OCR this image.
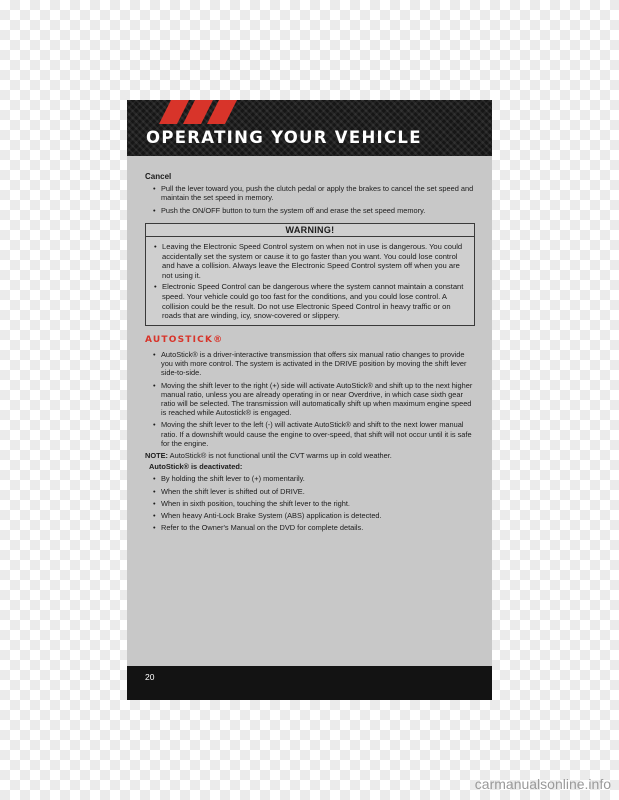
OPERATING YOUR VEHICLE
Cancel
• Pull the lever toward you, push the clutch pedal or apply the brakes to cancel the set speed and maintain the set speed in memory.
• Push the ON/OFF button to turn the system off and erase the set speed memory.
WARNING!
• Leaving the Electronic Speed Control system on when not in use is dangerous. You could accidentally set the system or cause it to go faster than you want. You could lose control and have a collision. Always leave the Electronic Speed Control system off when you are not using it.
• Electronic Speed Control can be dangerous where the system cannot maintain a constant speed. Your vehicle could go too fast for the conditions, and you could lose control. A collision could be the result. Do not use Electronic Speed Control in heavy traffic or on roads that are winding, icy, snow-covered or slippery.
AUTOSTICK®
• AutoStick® is a driver-interactive transmission that offers six manual ratio changes to provide you with more control. The system is activated in the DRIVE position by moving the shift lever side-to-side.
• Moving the shift lever to the right (+) side will activate AutoStick® and shift up to the next higher manual ratio, unless you are already operating in or near Overdrive, in which case sixth gear ratio will be selected. The transmission will automatically shift up when maximum engine speed is reached while Autostick® is engaged.
• Moving the shift lever to the left (-) will activate AutoStick® and shift to the next lower manual ratio. If a downshift would cause the engine to over-speed, that shift will not occur until it is safe for the engine.
NOTE: AutoStick® is not functional until the CVT warms up in cold weather.
AutoStick® is deactivated:
• By holding the shift lever to (+) momentarily.
• When the shift lever is shifted out of DRIVE.
• When in sixth position, touching the shift lever to the right.
• When heavy Anti-Lock Brake System (ABS) application is detected.
• Refer to the Owner's Manual on the DVD for complete details.
20
carmanualsonline.info
